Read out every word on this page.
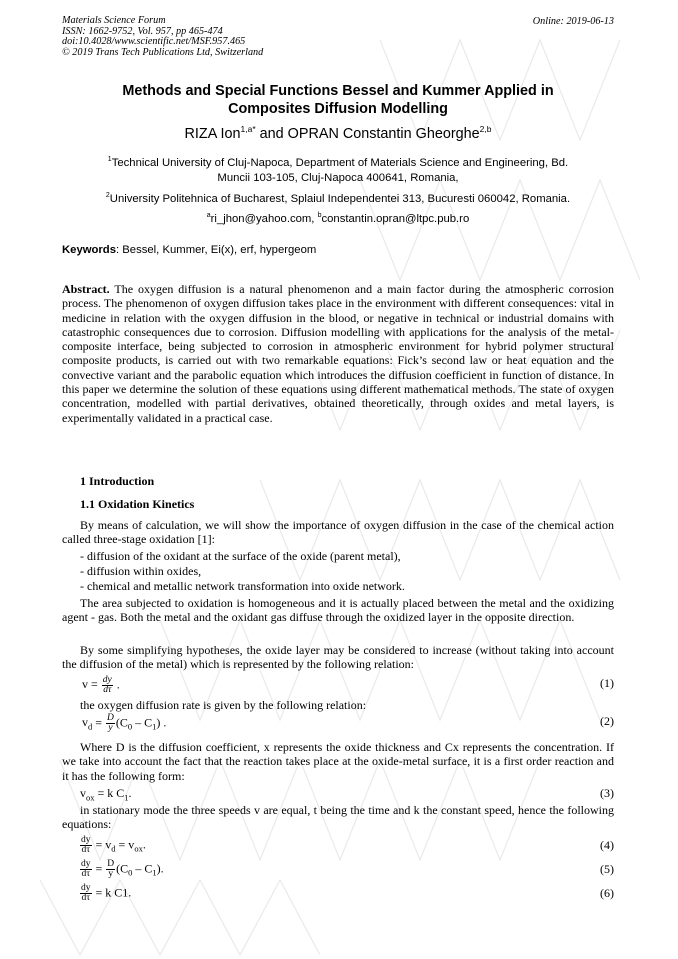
Materials Science Forum
ISSN: 1662-9752, Vol. 957, pp 465-474
doi:10.4028/www.scientific.net/MSF.957.465
© 2019 Trans Tech Publications Ltd, Switzerland
Online: 2019-06-13
Methods and Special Functions Bessel and Kummer Applied in
Composites Diffusion Modelling
RIZA Ion$^{1,a*}$ and OPRAN Constantin Gheorghe$^{2,b}$
$^1$Technical University of Cluj-Napoca, Department of Materials Science and Engineering, Bd.
Muncii 103-105, Cluj-Napoca 400641, Romania,
$^2$University Politehnica of Bucharest, Splaiul Independentei 313, Bucuresti 060042, Romania.
$^a$ri_jhon@yahoo.com, $^b$constantin.opran@ltpc.pub.ro
Keywords: Bessel, Kummer, Ei(x), erf, hypergeom
Abstract. The oxygen diffusion is a natural phenomenon and a main factor during the atmospheric corrosion process. The phenomenon of oxygen diffusion takes place in the environment with different consequences: vital in medicine in relation with the oxygen diffusion in the blood, or negative in technical or industrial domains with catastrophic consequences due to corrosion. Diffusion modelling with applications for the analysis of the metal-composite interface, being subjected to corrosion in atmospheric environment for hybrid polymer structural composite products, is carried out with two remarkable equations: Fick’s second law or heat equation and the convective variant and the parabolic equation which introduces the diffusion coefficient in function of distance. In this paper we determine the solution of these equations using different mathematical methods. The state of oxygen concentration, modelled with partial derivatives, obtained theoretically, through oxides and metal layers, is experimentally validated in a practical case.
1 Introduction
1.1 Oxidation Kinetics
By means of calculation, we will show the importance of oxygen diffusion in the case of the chemical action called three-stage oxidation [1]:
- diffusion of the oxidant at the surface of the oxide (parent metal),
- diffusion within oxides,
- chemical and metallic network transformation into oxide network.
The area subjected to oxidation is homogeneous and it is actually placed between the metal and the oxidizing agent - gas. Both the metal and the oxidant gas diffuse through the oxidized layer in the opposite direction.
By some simplifying hypotheses, the oxide layer may be considered to increase (without taking into account the diffusion of the metal) which is represented by the following relation:
$v = \frac{dy}{d\tau}$ .	(1)
the oxygen diffusion rate is given by the following relation:
$v_d = \frac{D}{y} (C_0 - C_1)$ .	(2)
Where D is the diffusion coefficient, x represents the oxide thickness and Cx represents the concentration. If we take into account the fact that the reaction takes place at the oxide-metal surface, it is a first order reaction and it has the following form:
$v_{ox} = k$ $C_1$.	(3)
in stationary mode the three speeds v are equal, t being the time and k the constant speed, hence the following equations:
$\frac{dy}{d\tau} = v_d = v_{ox}$.	(4)
$\frac{dy}{d\tau} = \frac{D}{y} (C_0 - C_1)$.	(5)
$\frac{dy}{d\tau} = k$ C1.	(6)
